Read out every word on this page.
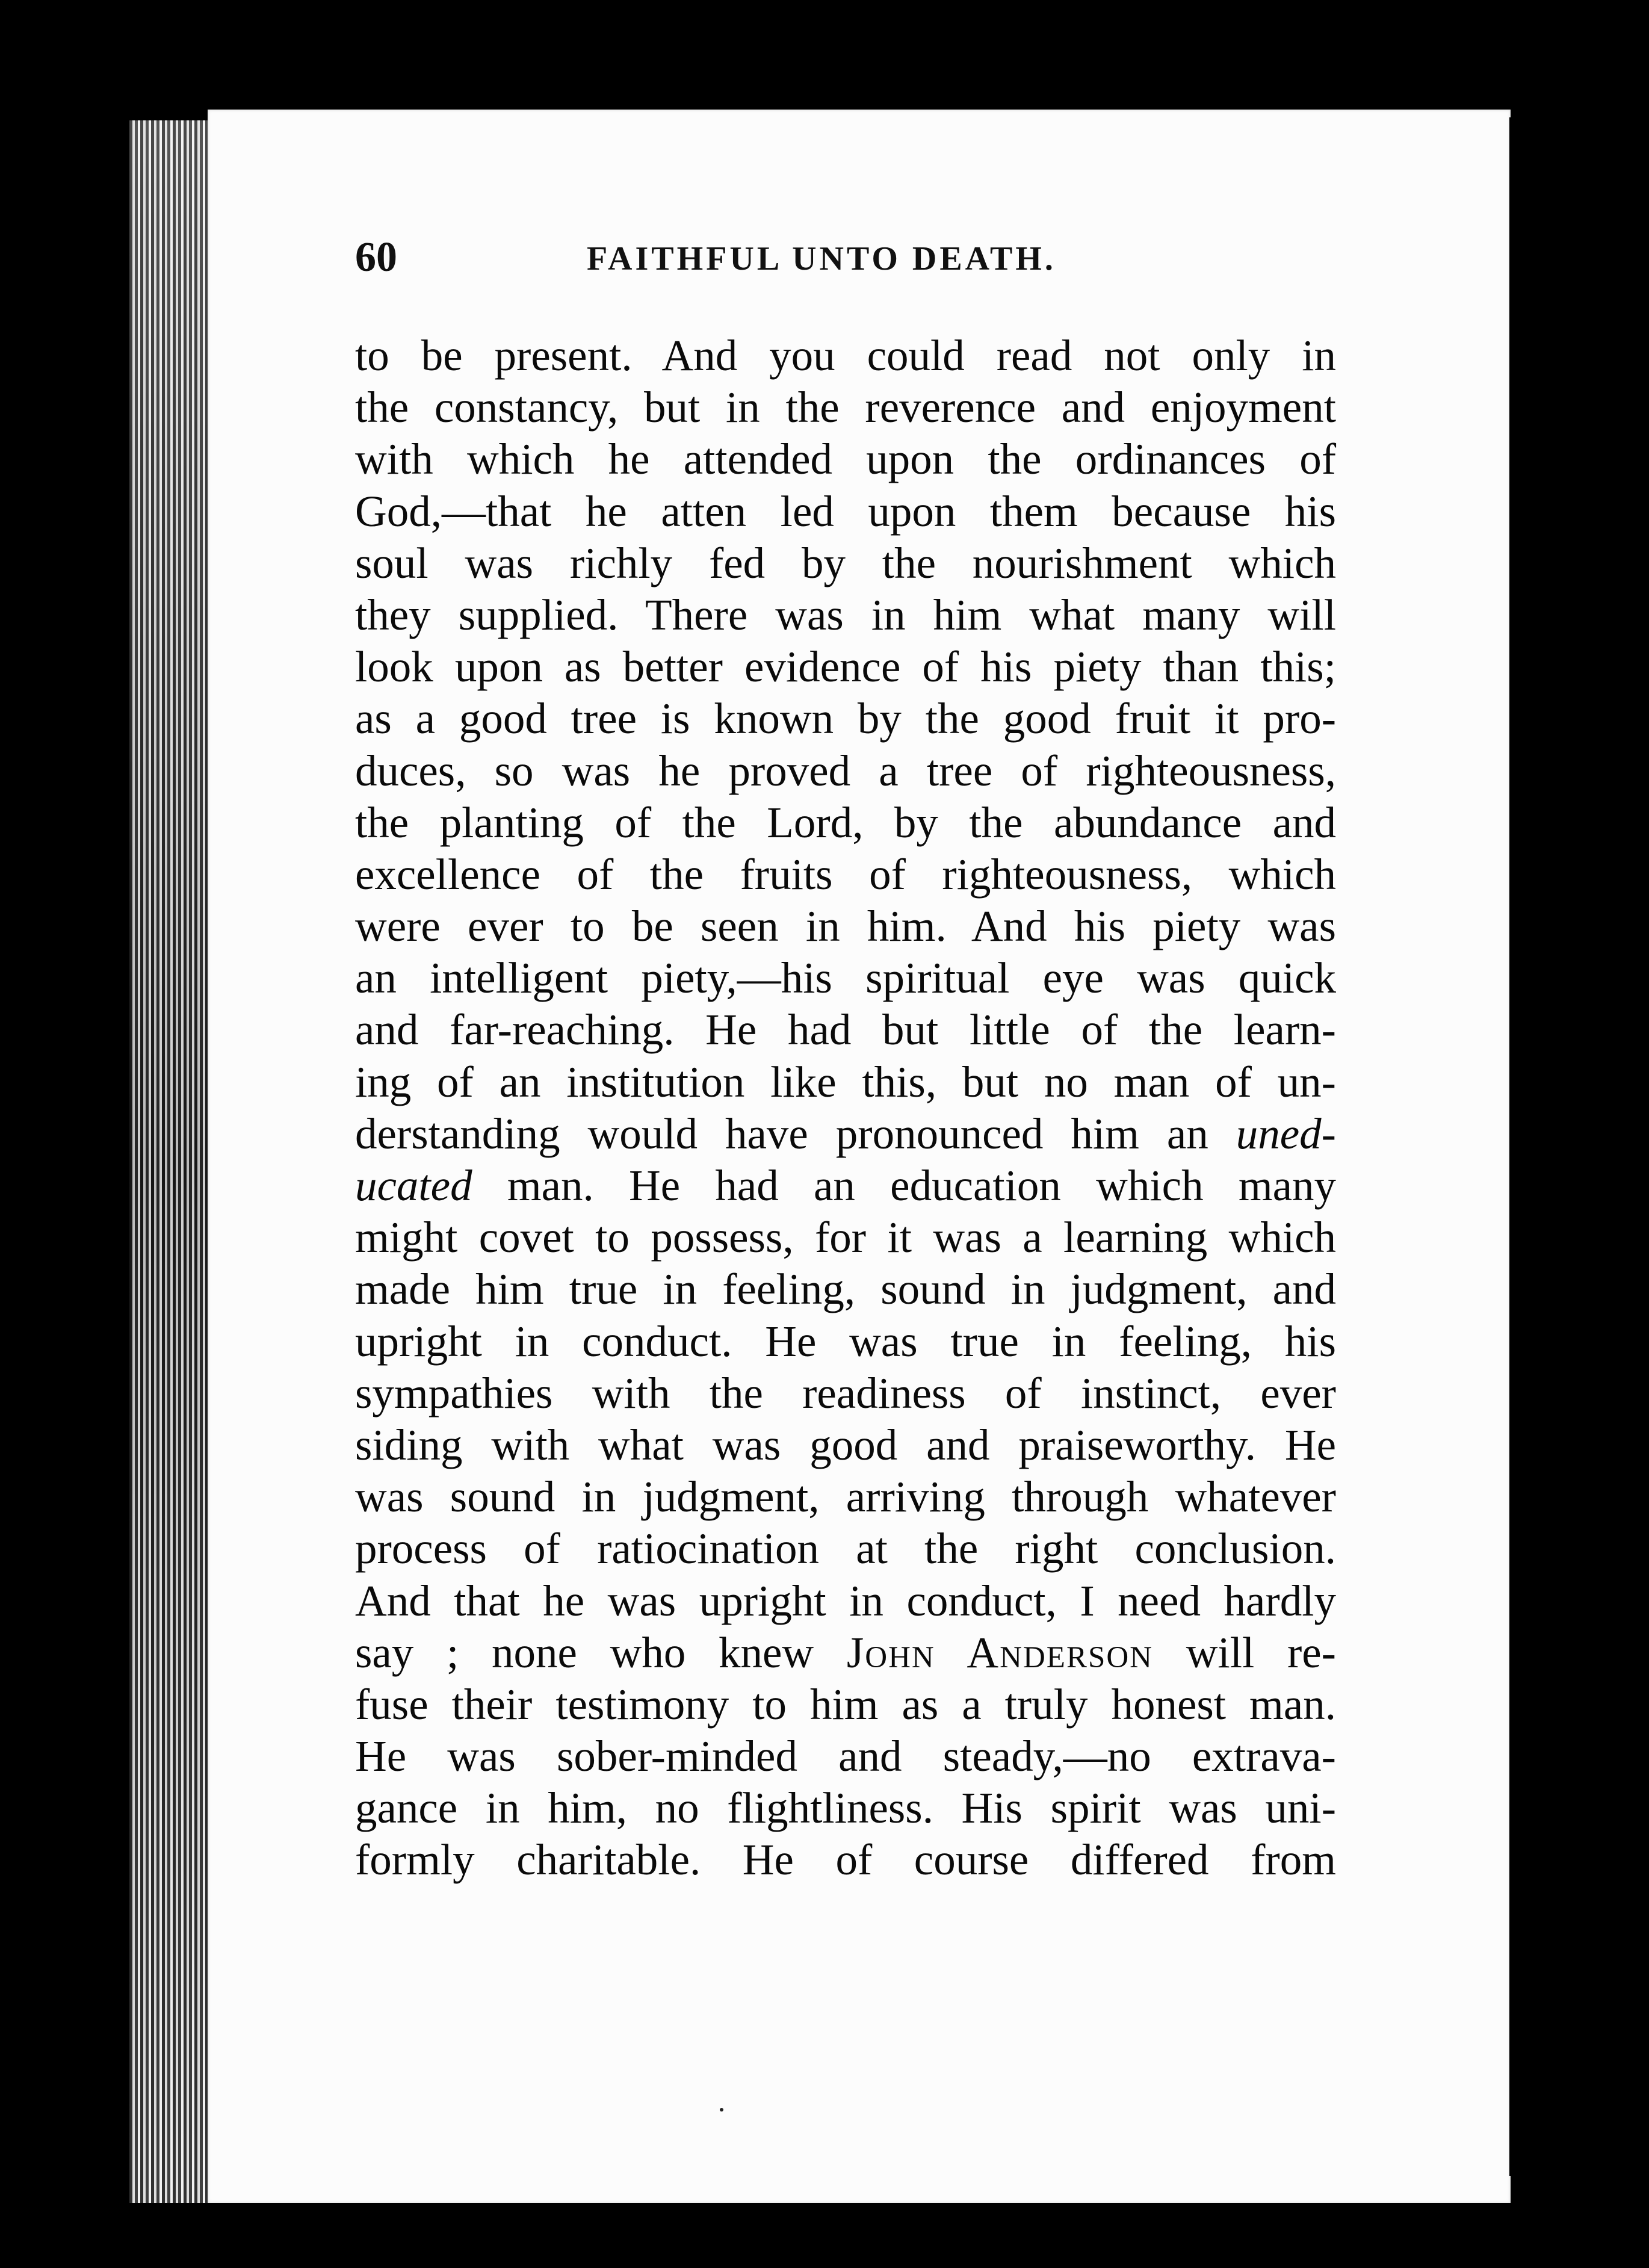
60	FAITHFUL UNTO DEATH.
to be present. And you could read not only in
the constancy, but in the reverence and enjoyment
with which he attended upon the ordinances of
God,—that he atten led upon them because his
soul was richly fed by the nourishment which
they supplied. There was in him what many will
look upon as better evidence of his piety than this;
as a good tree is known by the good fruit it pro-
duces, so was he proved a tree of righteousness,
the planting of the Lord, by the abundance and
excellence of the fruits of righteousness, which
were ever to be seen in him. And his piety was
an intelligent piety,—his spiritual eye was quick
and far-reaching. He had but little of the learn-
ing of an institution like this, but no man of un-
derstanding would have pronounced him an uned-
ucated man. He had an education which many
might covet to possess, for it was a learning which
made him true in feeling, sound in judgment, and
upright in conduct. He was true in feeling, his
sympathies with the readiness of instinct, ever
siding with what was good and praiseworthy. He
was sound in judgment, arriving through whatever
process of ratiocination at the right conclusion.
And that he was upright in conduct, I need hardly
say ; none who knew John Anderson will re-
fuse their testimony to him as a truly honest man.
He was sober-minded and steady,—no extrava-
gance in him, no flightliness. His spirit was uni-
formly charitable. He of course differed from
